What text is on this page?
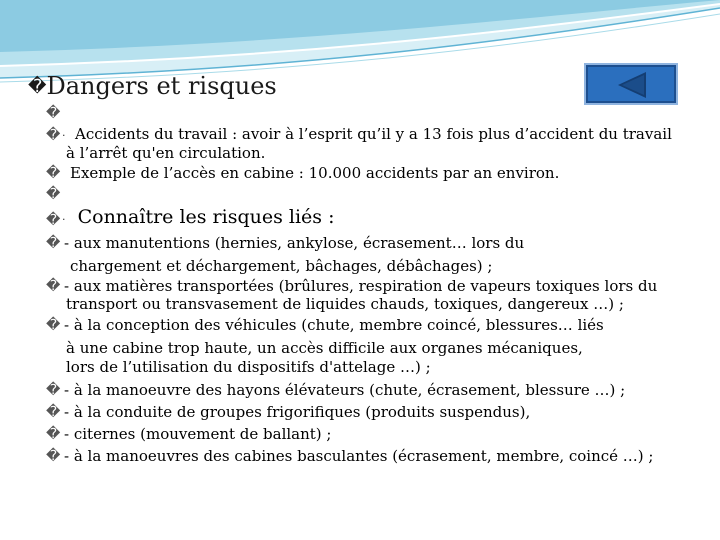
�Dangers et risques
�
� · Accidents du travail : avoir à l’esprit qu’il y a 13 fois plus d’accident du travail
à l’arrêt qu'en circulation.
� Exemple de l’accès en cabine : 10.000 accidents par an environ.
�
� · Connaître les risques liés :
� - aux manutentions (hernies, ankylose, écrasement… lors du
chargement et déchargement, bâchages, débâchages) ;
� - aux matières transportées (brûlures, respiration de vapeurs toxiques lors du
transport ou transvasement de liquides chauds, toxiques, dangereux …) ;
� - à la conception des véhicules (chute, membre coincé, blessures… liés
à une cabine trop haute, un accès difficile aux organes mécaniques,
lors de l’utilisation du dispositifs d'attelage …) ;
� - à la manoeuvre des hayons élévateurs (chute, écrasement, blessure …) ;
� - à la conduite de groupes frigorifiques (produits suspendus),
� - citernes (mouvement de ballant) ;
� - à la manoeuvres des cabines basculantes (écrasement, membre, coincé …) ;
